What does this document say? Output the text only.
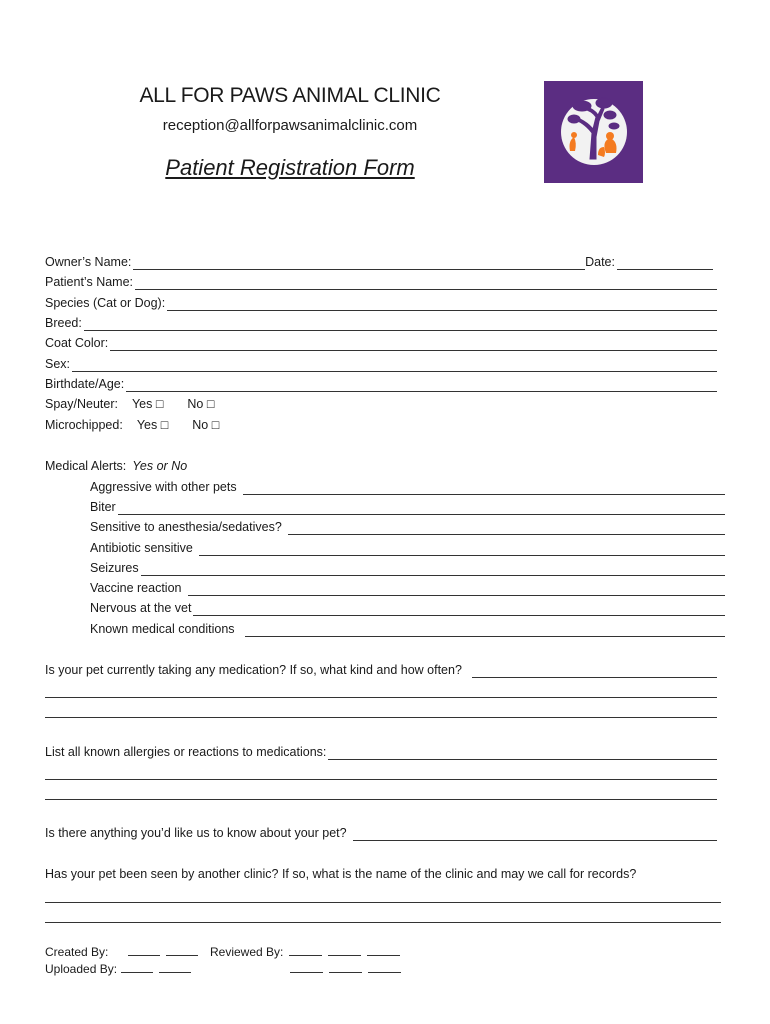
ALL FOR PAWS ANIMAL CLINIC
reception@allforpawsanimalclinic.com
Patient Registration Form
Owner’s Name:	Date:
Patient’s Name:
Species (Cat or Dog):
Breed:
Coat Color:
Sex:
Birthdate/Age:
Spay/Neuter: Yes □ No □
Microchipped: Yes □ No □
Medical Alerts: Yes or No
Aggressive with other pets
Biter
Sensitive to anesthesia/sedatives?
Antibiotic sensitive
Seizures
Vaccine reaction
Nervous at the vet
Known medical conditions
Is your pet currently taking any medication? If so, what kind and how often?
List all known allergies or reactions to medications:
Is there anything you’d like us to know about your pet?
Has your pet been seen by another clinic? If so, what is the name of the clinic and may we call for records?
Created By:	Reviewed By:
Uploaded By:
